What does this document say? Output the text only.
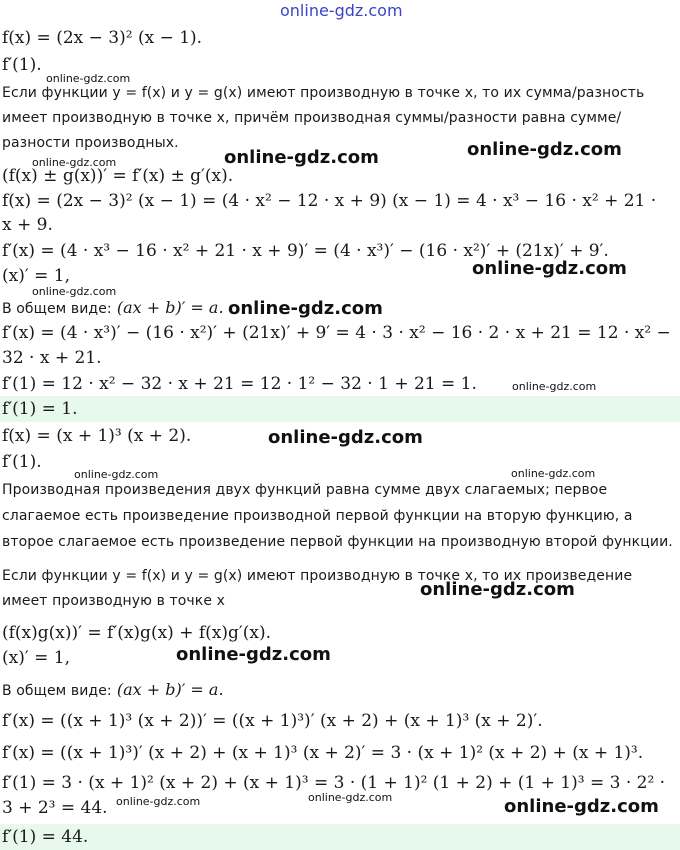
f(x) = (2x − 3)² (x − 1).
f′(1).
Если функции y = f(x) и y = g(x) имеют производную в точке x, то их сумма/разность
имеет производную в точке x, причём производная суммы/разности равна сумме/
разности производных.
(f(x) ± g(x))′ = f′(x) ± g′(x).
f(x) = (2x − 3)² (x − 1) = (4 · x² − 12 · x + 9) (x − 1) = 4 · x³ − 16 · x² + 21 ·
x + 9.
f′(x) = (4 · x³ − 16 · x² + 21 · x + 9)′ = (4 · x³)′ − (16 · x²)′ + (21x)′ + 9′.
(x)′ = 1,
В общем виде: (ax + b)′ = a.
f′(x) = (4 · x³)′ − (16 · x²)′ + (21x)′ + 9′ = 4 · 3 · x² − 16 · 2 · x + 21 = 12 · x² −
32 · x + 21.
f′(1) = 12 · x² − 32 · x + 21 = 12 · 1² − 32 · 1 + 21 = 1.
f′(1) = 1.
f(x) = (x + 1)³ (x + 2).
f′(1).
Производная произведения двух функций равна сумме двух слагаемых; первое
слагаемое есть произведение производной первой функции на вторую функцию, а
второе слагаемое есть произведение первой функции на производную второй функции.
Если функции y = f(x) и y = g(x) имеют производную в точке x, то их произведение
имеет производную в точке x
(f(x)g(x))′ = f′(x)g(x) + f(x)g′(x).
(x)′ = 1,
В общем виде: (ax + b)′ = a.
f′(x) = ((x + 1)³ (x + 2))′ = ((x + 1)³)′ (x + 2) + (x + 1)³ (x + 2)′.
f′(x) = ((x + 1)³)′ (x + 2) + (x + 1)³ (x + 2)′ = 3 · (x + 1)² (x + 2) + (x + 1)³.
f′(1) = 3 · (x + 1)² (x + 2) + (x + 1)³ = 3 · (1 + 1)² (1 + 2) + (1 + 1)³ = 3 · 2² ·
3 + 2³ = 44.
f′(1) = 44.
online-gdz.com
online-gdz.com
online-gdz.com
online-gdz.com
online-gdz.com
online-gdz.com	online-gdz.com
online-gdz.com	online-gdz.com
online-gdz.com	online-gdz.com
online-gdz.com
online-gdz.com
online-gdz.com
online-gdz.com
online-gdz.com
online-gdz.com
